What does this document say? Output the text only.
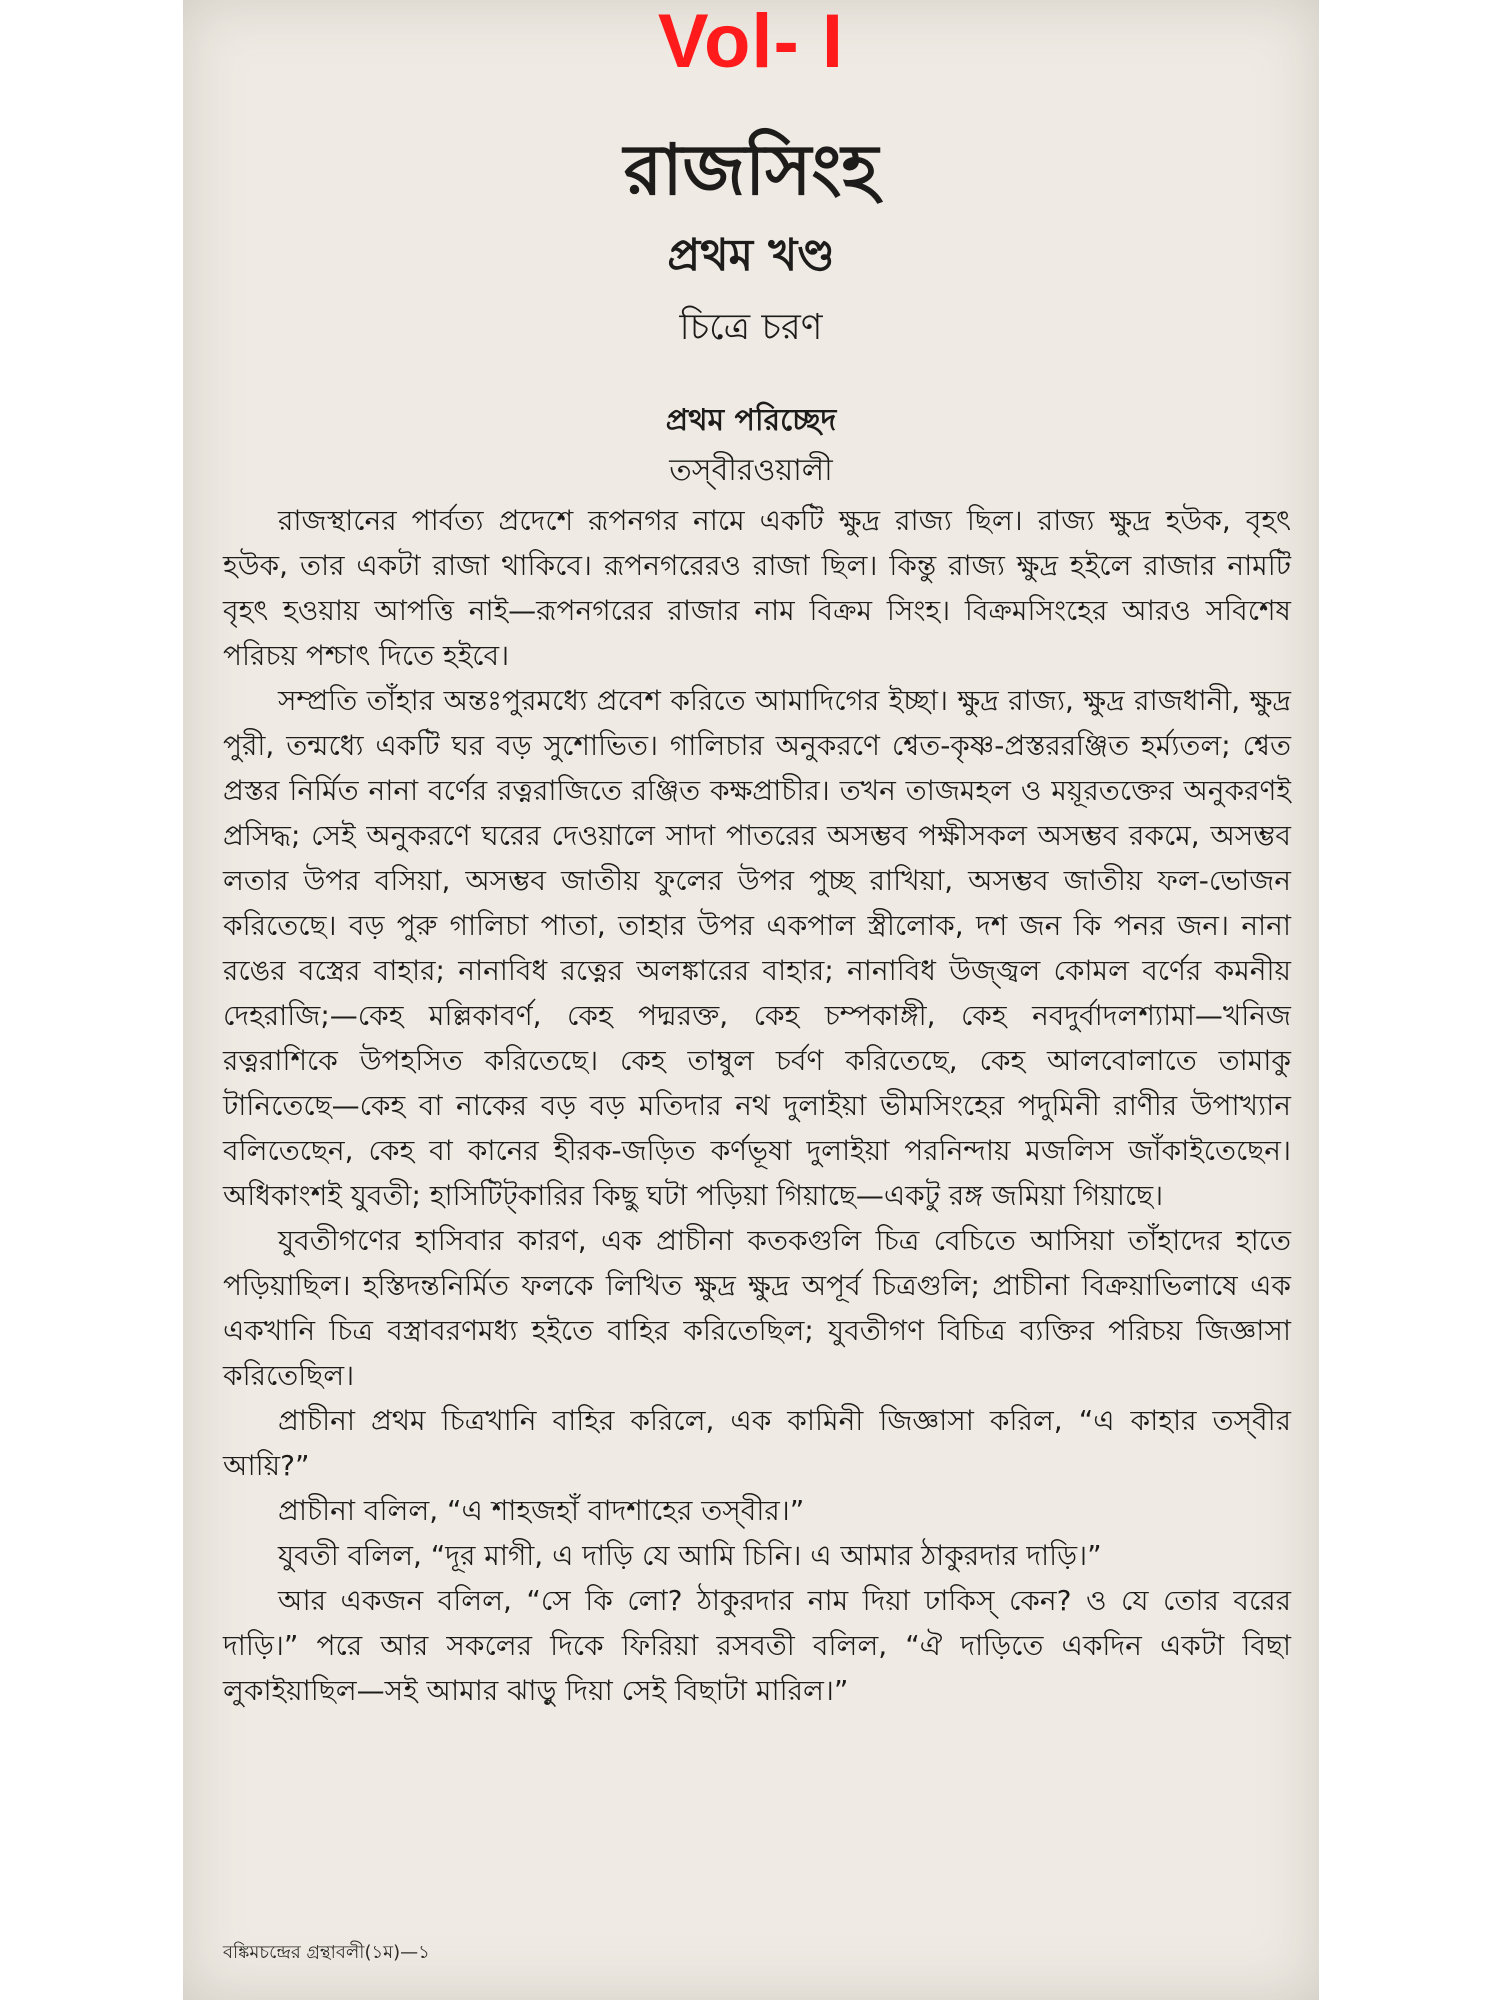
Vol- I
রাজসিংহ
প্রথম খণ্ড
চিত্রে চরণ
প্রথম পরিচ্ছেদ
তস্‌বীরওয়ালী

রাজস্থানের পার্বত্য প্রদেশে রূপনগর নামে একটি ক্ষুদ্র রাজ্য ছিল। রাজ্য ক্ষুদ্র হউক, বৃহৎ হউক, তার একটা রাজা থাকিবে। রূপনগরেরও রাজা ছিল। কিন্তু রাজ্য ক্ষুদ্র হইলে রাজার নামটি বৃহৎ হওয়ায় আপত্তি নাই—রূপনগরের রাজার নাম বিক্রম সিংহ। বিক্রমসিংহের আরও সবিশেষ পরিচয় পশ্চাৎ দিতে হইবে।

সম্প্রতি তাঁহার অন্তঃপুরমধ্যে প্রবেশ করিতে আমাদিগের ইচ্ছা। ক্ষুদ্র রাজ্য, ক্ষুদ্র রাজধানী, ক্ষুদ্র পুরী, তন্মধ্যে একটি ঘর বড় সুশোভিত। গালিচার অনুকরণে শ্বেত-কৃষ্ণ-প্রস্তররঞ্জিত হর্ম্যতল; শ্বেত প্রস্তর নির্মিত নানা বর্ণের রত্নরাজিতে রঞ্জিত কক্ষপ্রাচীর। তখন তাজমহল ও ময়ূরতক্তের অনুকরণই প্রসিদ্ধ; সেই অনুকরণে ঘরের দেওয়ালে সাদা পাতরের অসম্ভব পক্ষীসকল অসম্ভব রকমে, অসম্ভব লতার উপর বসিয়া, অসম্ভব জাতীয় ফুলের উপর পুচ্ছ রাখিয়া, অসম্ভব জাতীয় ফল-ভোজন করিতেছে। বড় পুরু গালিচা পাতা, তাহার উপর একপাল স্ত্রীলোক, দশ জন কি পনর জন। নানা রঙের বস্ত্রের বাহার; নানাবিধ রত্নের অলঙ্কারের বাহার; নানাবিধ উজ্জ্বল কোমল বর্ণের কমনীয় দেহরাজি;—কেহ মল্লিকাবর্ণ, কেহ পদ্মরক্ত, কেহ চম্পকাঙ্গী, কেহ নবদুর্বাদলশ্যামা—খনিজ রত্নরাশিকে উপহসিত করিতেছে। কেহ তাম্বুল চর্বণ করিতেছে, কেহ আলবোলাতে তামাকু টানিতেছে—কেহ বা নাকের বড় বড় মতিদার নথ দুলাইয়া ভীমসিংহের পদুমিনী রাণীর উপাখ্যান বলিতেছেন, কেহ বা কানের হীরক-জড়িত কর্ণভূষা দুলাইয়া পরনিন্দায় মজলিস জাঁকাইতেছেন। অধিকাংশই যুবতী; হাসিটিট্‌কারির কিছু ঘটা পড়িয়া গিয়াছে—একটু রঙ্গ জমিয়া গিয়াছে।

যুবতীগণের হাসিবার কারণ, এক প্রাচীনা কতকগুলি চিত্র বেচিতে আসিয়া তাঁহাদের হাতে পড়িয়াছিল। হস্তিদন্তনির্মিত ফলকে লিখিত ক্ষুদ্র ক্ষুদ্র অপূর্ব চিত্রগুলি; প্রাচীনা বিক্রয়াভিলাষে এক একখানি চিত্র বস্ত্রাবরণমধ্য হইতে বাহির করিতেছিল; যুবতীগণ বিচিত্র ব্যক্তির পরিচয় জিজ্ঞাসা করিতেছিল।

প্রাচীনা প্রথম চিত্রখানি বাহির করিলে, এক কামিনী জিজ্ঞাসা করিল, “এ কাহার তস্‌বীর আয়ি?”

প্রাচীনা বলিল, “এ শাহজহাঁ বাদশাহের তস্‌বীর।”

যুবতী বলিল, “দূর মাগী, এ দাড়ি যে আমি চিনি। এ আমার ঠাকুরদার দাড়ি।”

আর একজন বলিল, “সে কি লো? ঠাকুরদার নাম দিয়া ঢাকিস্ কেন? ও যে তোর বরের দাড়ি।” পরে আর সকলের দিকে ফিরিয়া রসবতী বলিল, “ঐ দাড়িতে একদিন একটা বিছা লুকাইয়াছিল—সই আমার ঝাড়ু দিয়া সেই বিছাটা মারিল।”

বঙ্কিমচন্দ্রের গ্রন্থাবলী(১ম)—১
